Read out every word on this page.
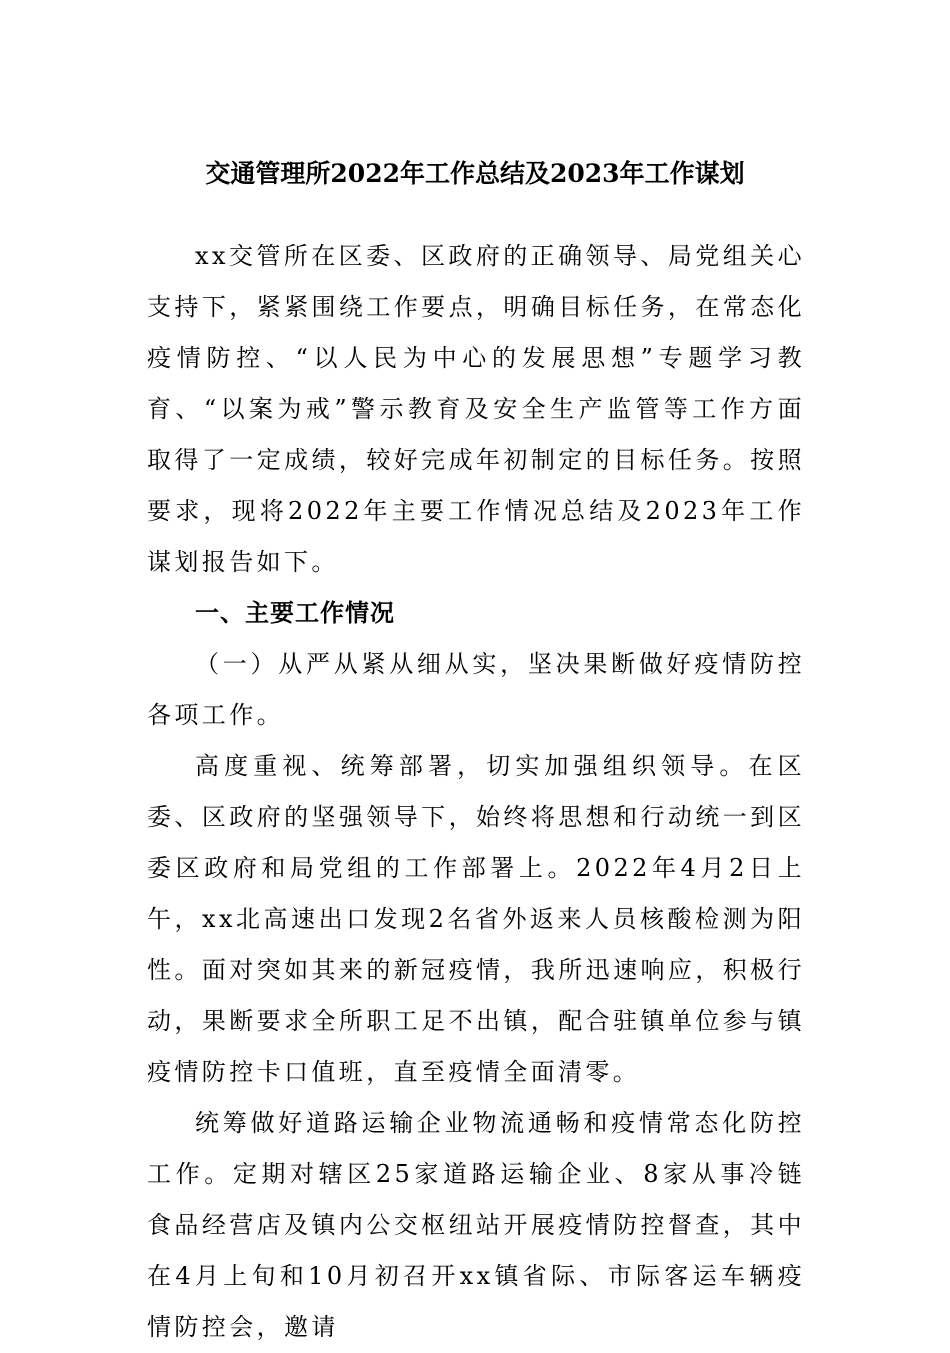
交通管理所2022年工作总结及2023年工作谋划

xx交管所在区委、区政府的正确领导、局党组关心支持下，紧紧围绕工作要点，明确目标任务，在常态化疫情防控、“以人民为中心的发展思想”专题学习教育、“以案为戒”警示教育及安全生产监管等工作方面取得了一定成绩，较好完成年初制定的目标任务。按照要求，现将2022年主要工作情况总结及2023年工作谋划报告如下。

一、主要工作情况

（一）从严从紧从细从实，坚决果断做好疫情防控各项工作。

高度重视、统筹部署，切实加强组织领导。在区委、区政府的坚强领导下，始终将思想和行动统一到区委区政府和局党组的工作部署上。2022年4月2日上午，xx北高速出口发现2名省外返来人员核酸检测为阳性。面对突如其来的新冠疫情，我所迅速响应，积极行动，果断要求全所职工足不出镇，配合驻镇单位参与镇疫情防控卡口值班，直至疫情全面清零。

统筹做好道路运输企业物流通畅和疫情常态化防控工作。定期对辖区25家道路运输企业、8家从事冷链食品经营店及镇内公交枢纽站开展疫情防控督查，其中在4月上旬和10月初召开xx镇省际、市际客运车辆疫情防控会，邀请
